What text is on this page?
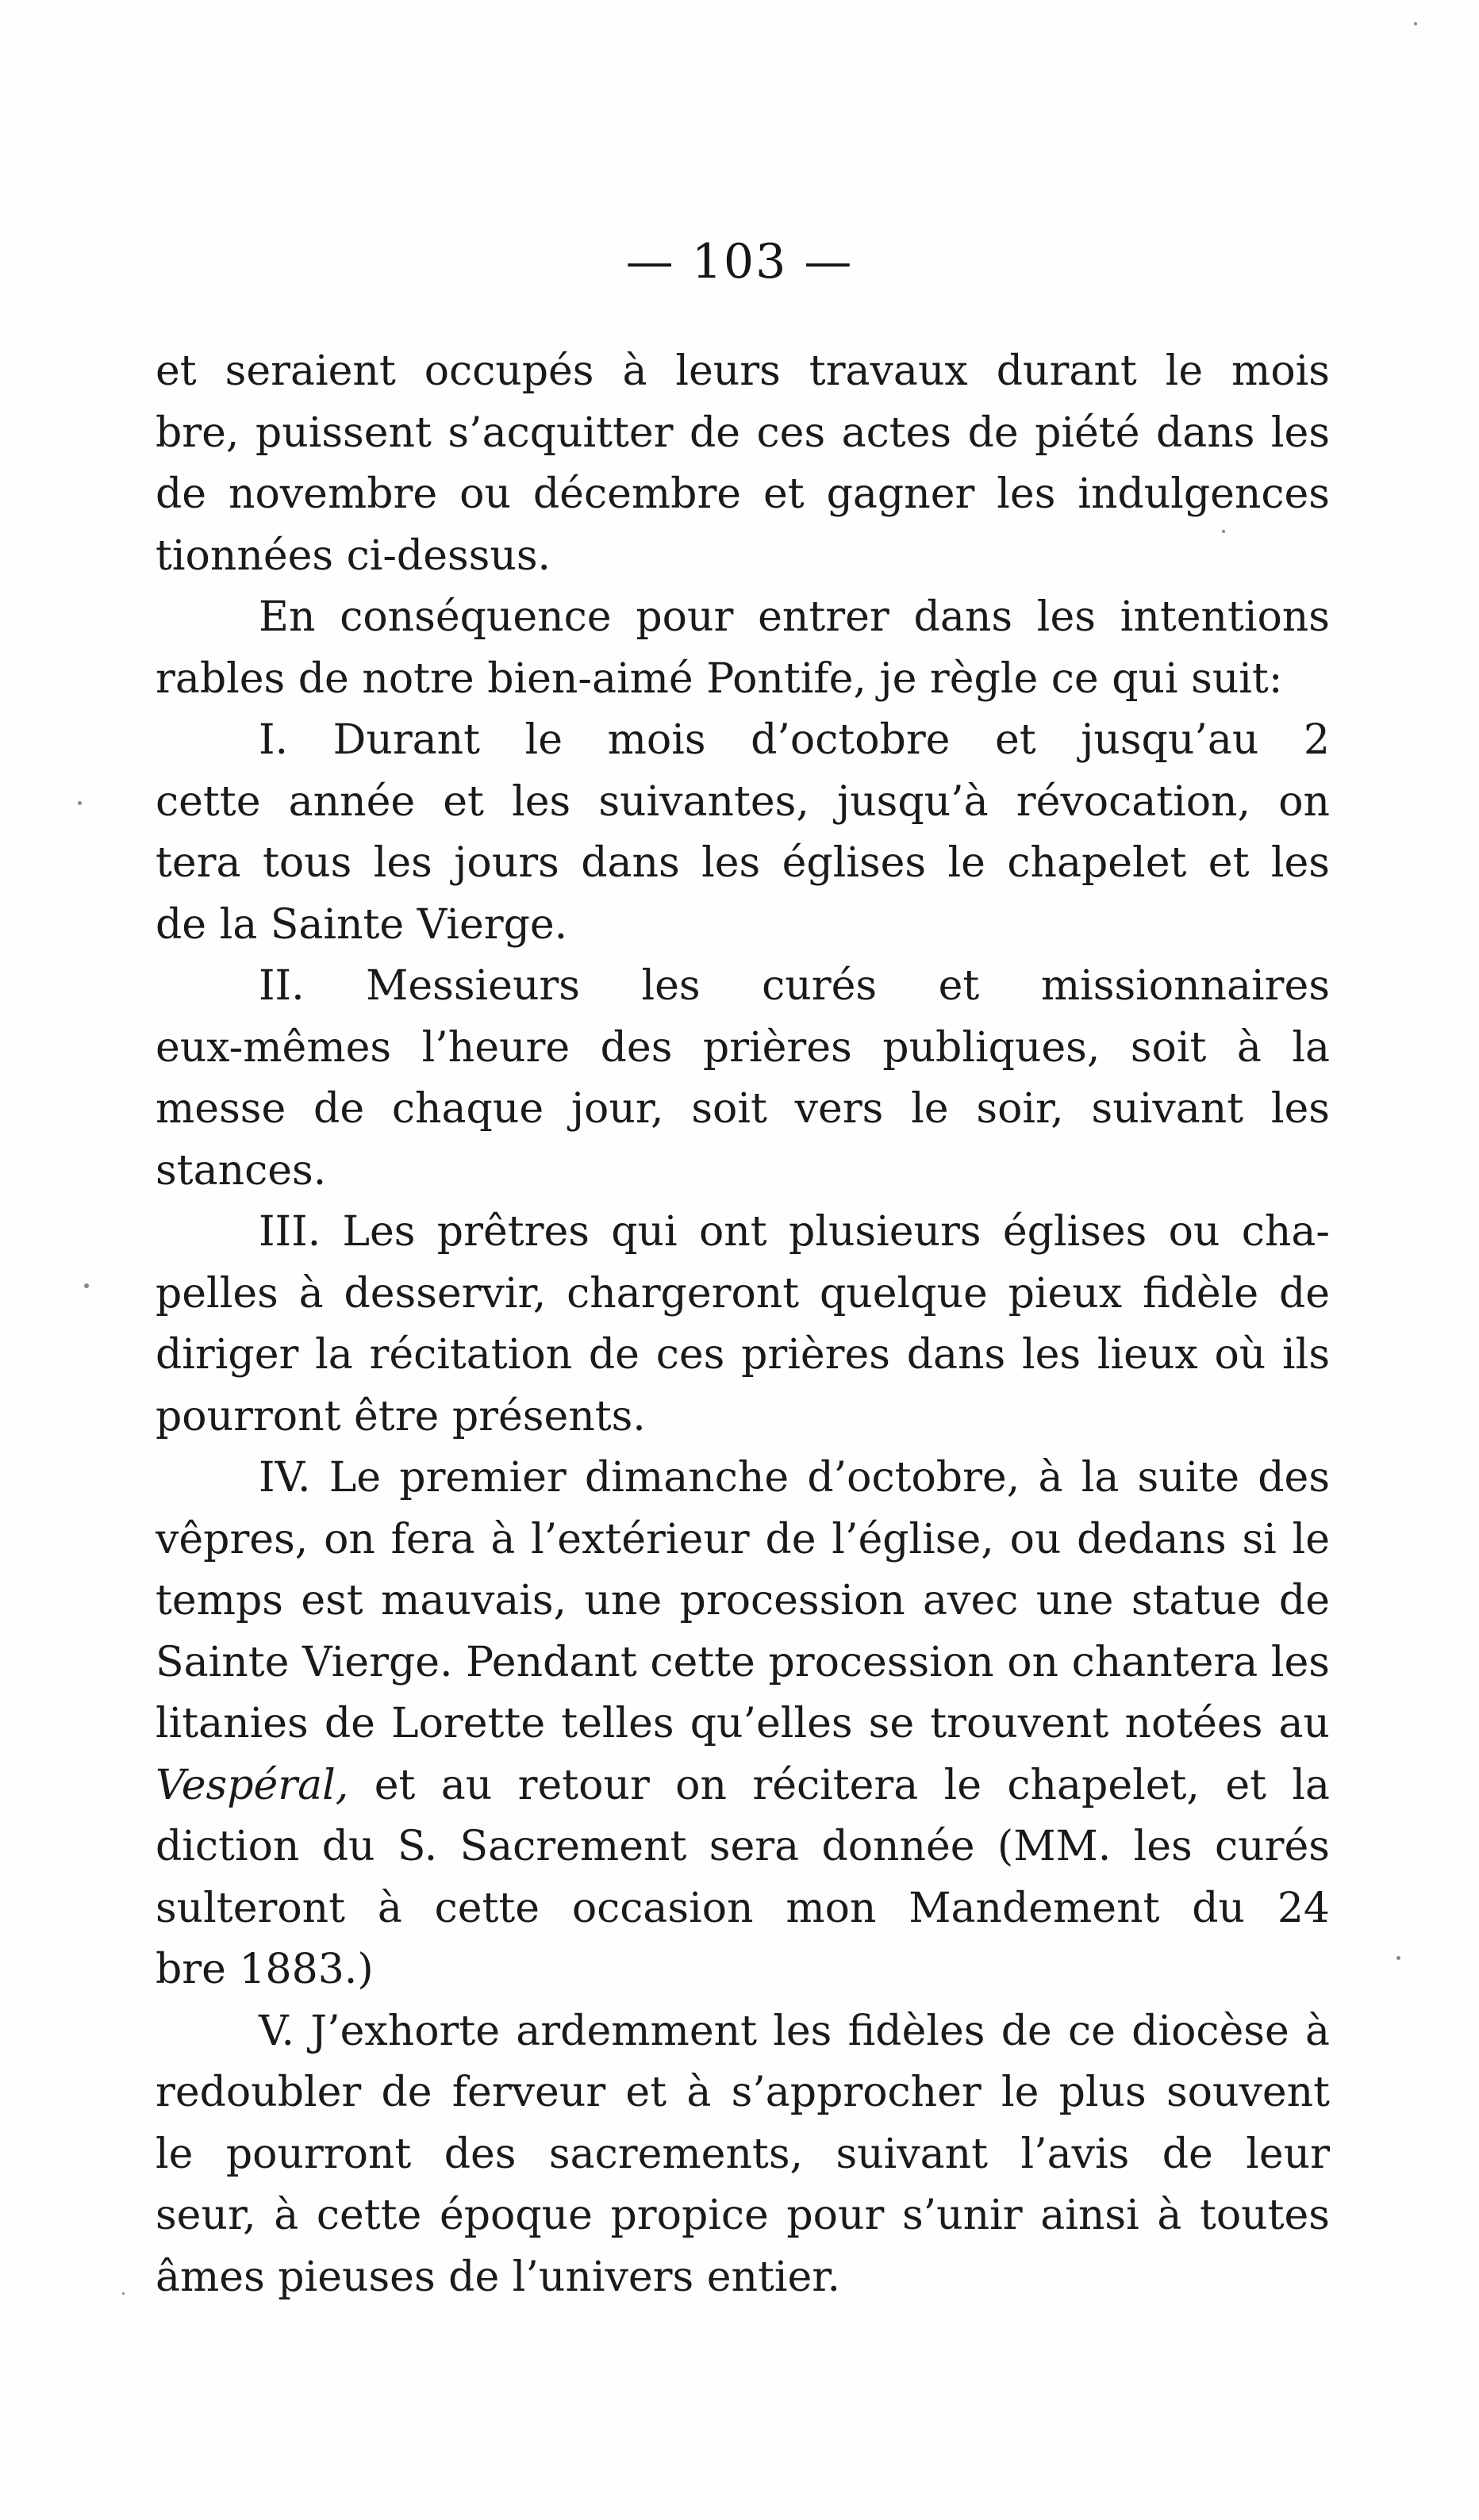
— 103 —
et seraient occupés à leurs travaux durant le mois
bre, puissent s’acquitter de ces actes de piété dans les
de novembre ou décembre et gagner les indulgences
tionnées ci-dessus.
En conséquence pour entrer dans les intentions
rables de notre bien-aimé Pontife, je règle ce qui suit:
I. Durant le mois d’octobre et jusqu’au 2
cette année et les suivantes, jusqu’à révocation, on
tera tous les jours dans les églises le chapelet et les
de la Sainte Vierge.
II. Messieurs les curés et missionnaires
eux-mêmes l’heure des prières publiques, soit à la
messe de chaque jour, soit vers le soir, suivant les
stances.
III. Les prêtres qui ont plusieurs églises ou cha-
pelles à desservir, chargeront quelque pieux fidèle de
diriger la récitation de ces prières dans les lieux où ils
pourront être présents.
IV. Le premier dimanche d’octobre, à la suite des
vêpres, on fera à l’extérieur de l’église, ou dedans si le
temps est mauvais, une procession avec une statue de
Sainte Vierge. Pendant cette procession on chantera les
litanies de Lorette telles qu’elles se trouvent notées au
Vespéral, et au retour on récitera le chapelet, et la
diction du S. Sacrement sera donnée (MM. les curés
sulteront à cette occasion mon Mandement du 24
bre 1883.)
V. J’exhorte ardemment les fidèles de ce diocèse à
redoubler de ferveur et à s’approcher le plus souvent
le pourront des sacrements, suivant l’avis de leur
seur, à cette époque propice pour s’unir ainsi à toutes
âmes pieuses de l’univers entier.
